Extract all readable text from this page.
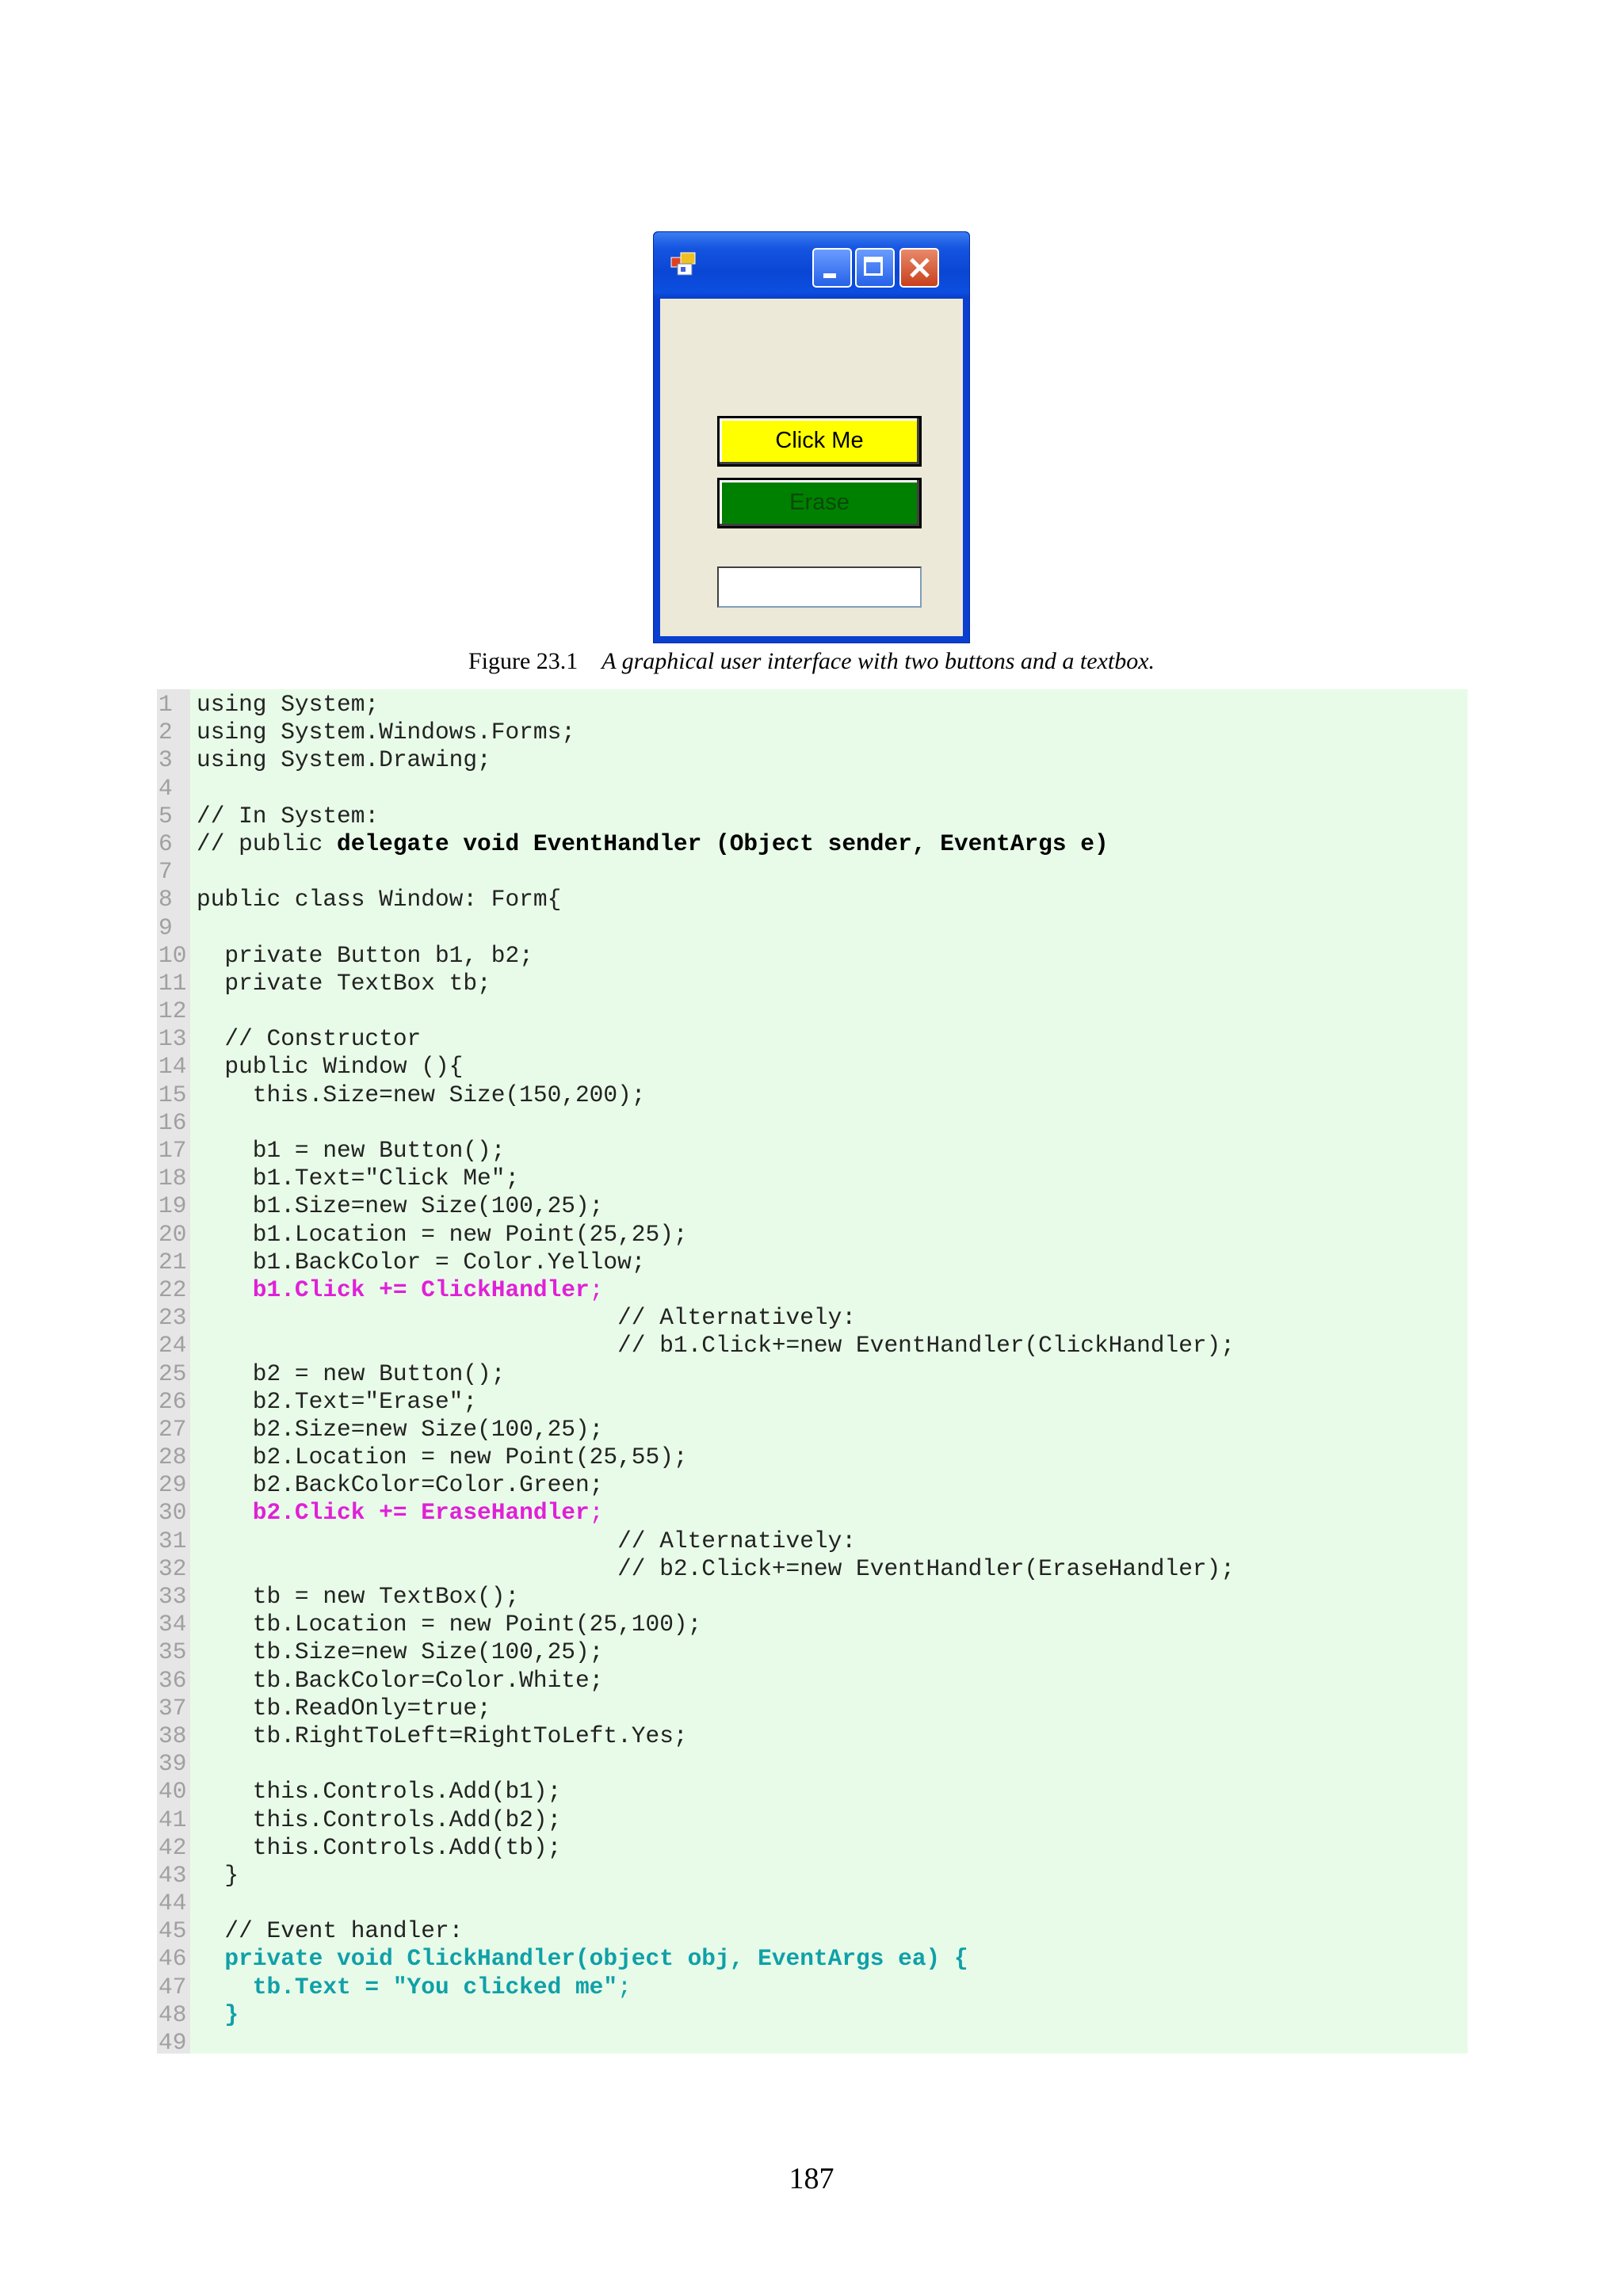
Click Me
Erase
Figure 23.1 A graphical user interface with two buttons and a textbox.
1	using System;
2	using System.Windows.Forms;
3	using System.Drawing;
4
5	// In System:
6	// public delegate void EventHandler (Object sender, EventArgs e)
7
8	public class Window: Form{
9
10 private Button b1, b2;
11 private TextBox tb;
12
13 // Constructor
14 public Window (){
15 this.Size=new Size(150,200);
16
17 b1 = new Button();
18 b1.Text="Click Me";
19 b1.Size=new Size(100,25);
20 b1.Location = new Point(25,25);
21 b1.BackColor = Color.Yellow;
22 b1.Click += ClickHandler;
23 // Alternatively:
24 // b1.Click+=new EventHandler(ClickHandler);
25 b2 = new Button();
26 b2.Text="Erase";
27 b2.Size=new Size(100,25);
28 b2.Location = new Point(25,55);
29 b2.BackColor=Color.Green;
30 b2.Click += EraseHandler;
31 // Alternatively:
32 // b2.Click+=new EventHandler(EraseHandler);
33 tb = new TextBox();
34 tb.Location = new Point(25,100);
35 tb.Size=new Size(100,25);
36 tb.BackColor=Color.White;
37 tb.ReadOnly=true;
38 tb.RightToLeft=RightToLeft.Yes;
39
40 this.Controls.Add(b1);
41 this.Controls.Add(b2);
42 this.Controls.Add(tb);
43 }
44
45 // Event handler:
46 private void ClickHandler(object obj, EventArgs ea) {
47 tb.Text = "You clicked me";
48 }
49
187
